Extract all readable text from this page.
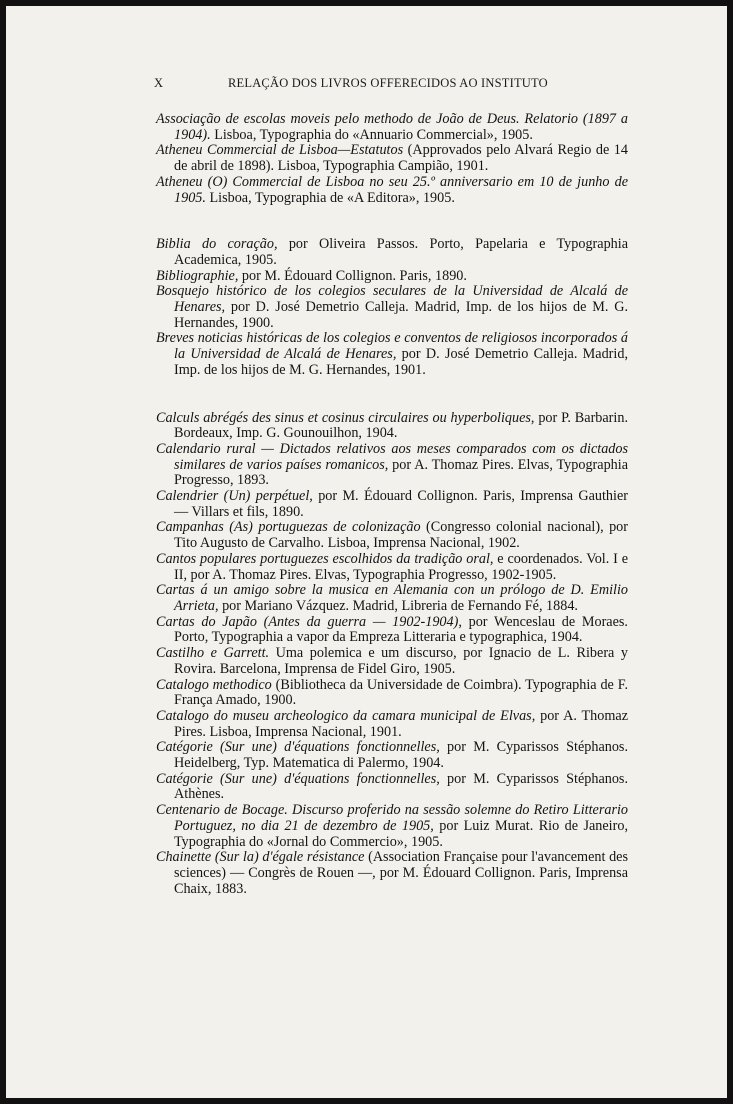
X	RELAÇÃO DOS LIVROS OFFERECIDOS AO INSTITUTO

Associação de escolas moveis pelo methodo de João de Deus. Relatorio (1897 a 1904). Lisboa, Typographia do «Annuario Commercial», 1905.

Atheneu Commercial de Lisboa—Estatutos (Approvados pelo Alvará Regio de 14 de abril de 1898). Lisboa, Typographia Campião, 1901.

Atheneu (O) Commercial de Lisboa no seu 25.º anniversario em 10 de junho de 1905. Lisboa, Typographia de «A Editora», 1905.

Biblia do coração, por Oliveira Passos. Porto, Papelaria e Typographia Academica, 1905.

Bibliographie, por M. Édouard Collignon. Paris, 1890.

Bosquejo histórico de los colegios seculares de la Universidad de Alcalá de Henares, por D. José Demetrio Calleja. Madrid, Imp. de los hijos de M. G. Hernandes, 1900.

Breves noticias históricas de los colegios e conventos de religiosos incorporados á la Universidad de Alcalá de Henares, por D. José Demetrio Calleja. Madrid, Imp. de los hijos de M. G. Hernandes, 1901.

Calculs abrégés des sinus et cosinus circulaires ou hyperboliques, por P. Barbarin. Bordeaux, Imp. G. Gounouilhon, 1904.

Calendario rural — Dictados relativos aos meses comparados com os dictados similares de varios países romanicos, por A. Thomaz Pires. Elvas, Typographia Progresso, 1893.

Calendrier (Un) perpétuel, por M. Édouard Collignon. Paris, Imprensa Gauthier — Villars et fils, 1890.

Campanhas (As) portuguezas de colonização (Congresso colonial nacional), por Tito Augusto de Carvalho. Lisboa, Imprensa Nacional, 1902.

Cantos populares portuguezes escolhidos da tradição oral, e coordenados. Vol. I e II, por A. Thomaz Pires. Elvas, Typographia Progresso, 1902-1905.

Cartas á un amigo sobre la musica en Alemania con un prólogo de D. Emilio Arrieta, por Mariano Vázquez. Madrid, Libreria de Fernando Fé, 1884.

Cartas do Japão (Antes da guerra — 1902-1904), por Wenceslau de Moraes. Porto, Typographia a vapor da Empreza Litteraria e typographica, 1904.

Castilho e Garrett. Uma polemica e um discurso, por Ignacio de L. Ribera y Rovira. Barcelona, Imprensa de Fidel Giro, 1905.

Catalogo methodico (Bibliotheca da Universidade de Coimbra). Typographia de F. França Amado, 1900.

Catalogo do museu archeologico da camara municipal de Elvas, por A. Thomaz Pires. Lisboa, Imprensa Nacional, 1901.

Catégorie (Sur une) d'équations fonctionnelles, por M. Cyparissos Stéphanos. Heidelberg, Typ. Matematica di Palermo, 1904.

Catégorie (Sur une) d'équations fonctionnelles, por M. Cyparissos Stéphanos. Athènes.

Centenario de Bocage. Discurso proferido na sessão solemne do Retiro Litterario Portuguez, no dia 21 de dezembro de 1905, por Luiz Murat. Rio de Janeiro, Typographia do «Jornal do Commercio», 1905.

Chainette (Sur la) d'égale résistance (Association Française pour l'avancement des sciences) — Congrès de Rouen —, por M. Édouard Collignon. Paris, Imprensa Chaix, 1883.
